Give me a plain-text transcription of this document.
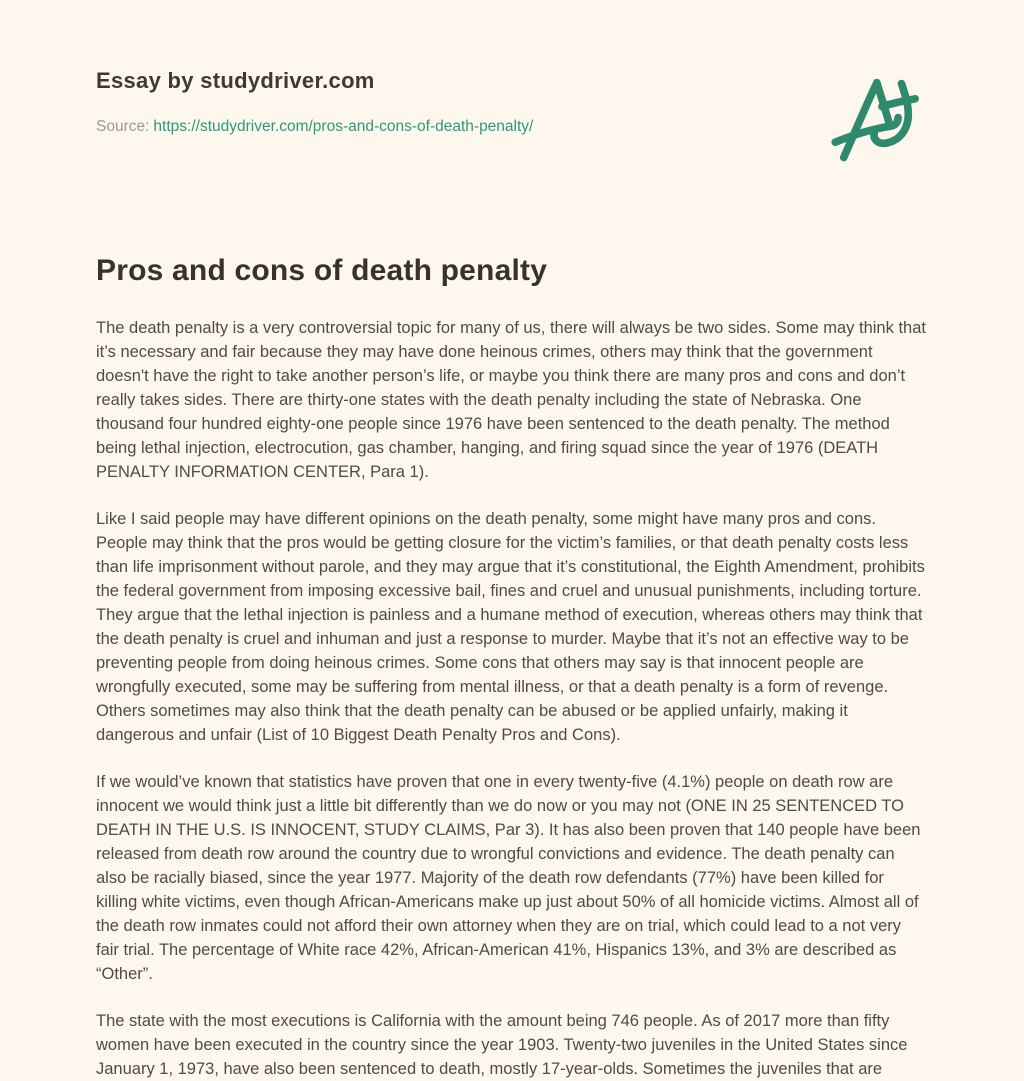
Essay by studydriver.com
Source: https://studydriver.com/pros-and-cons-of-death-penalty/
Pros and cons of death penalty

The death penalty is a very controversial topic for many of us, there will always be two sides. Some may think that it’s necessary and fair because they may have done heinous crimes, others may think that the government doesn't have the right to take another person’s life, or maybe you think there are many pros and cons and don’t really takes sides. There are thirty-one states with the death penalty including the state of Nebraska. One thousand four hundred eighty-one people since 1976 have been sentenced to the death penalty. The method being lethal injection, electrocution, gas chamber, hanging, and firing squad since the year of 1976 (DEATH PENALTY INFORMATION CENTER, Para 1).

Like I said people may have different opinions on the death penalty, some might have many pros and cons. People may think that the pros would be getting closure for the victim’s families, or that death penalty costs less than life imprisonment without parole, and they may argue that it’s constitutional, the Eighth Amendment, prohibits the federal government from imposing excessive bail, fines and cruel and unusual punishments, including torture. They argue that the lethal injection is painless and a humane method of execution, whereas others may think that the death penalty is cruel and inhuman and just a response to murder. Maybe that it’s not an effective way to be preventing people from doing heinous crimes. Some cons that others may say is that innocent people are wrongfully executed, some may be suffering from mental illness, or that a death penalty is a form of revenge. Others sometimes may also think that the death penalty can be abused or be applied unfairly, making it dangerous and unfair (List of 10 Biggest Death Penalty Pros and Cons).

If we would’ve known that statistics have proven that one in every twenty-five (4.1%) people on death row are innocent we would think just a little bit differently than we do now or you may not (ONE IN 25 SENTENCED TO DEATH IN THE U.S. IS INNOCENT, STUDY CLAIMS, Par 3). It has also been proven that 140 people have been released from death row around the country due to wrongful convictions and evidence. The death penalty can also be racially biased, since the year 1977. Majority of the death row defendants (77%) have been killed for killing white victims, even though African-Americans make up just about 50% of all homicide victims. Almost all of the death row inmates could not afford their own attorney when they are on trial, which could lead to a not very fair trial. The percentage of White race 42%, African-American 41%, Hispanics 13%, and 3% are described as “Other”.

The state with the most executions is California with the amount being 746 people. As of 2017 more than fifty women have been executed in the country since the year 1903. Twenty-two juveniles in the United States since January 1, 1973, have also been sentenced to death, mostly 17-year-olds. Sometimes the juveniles that are
